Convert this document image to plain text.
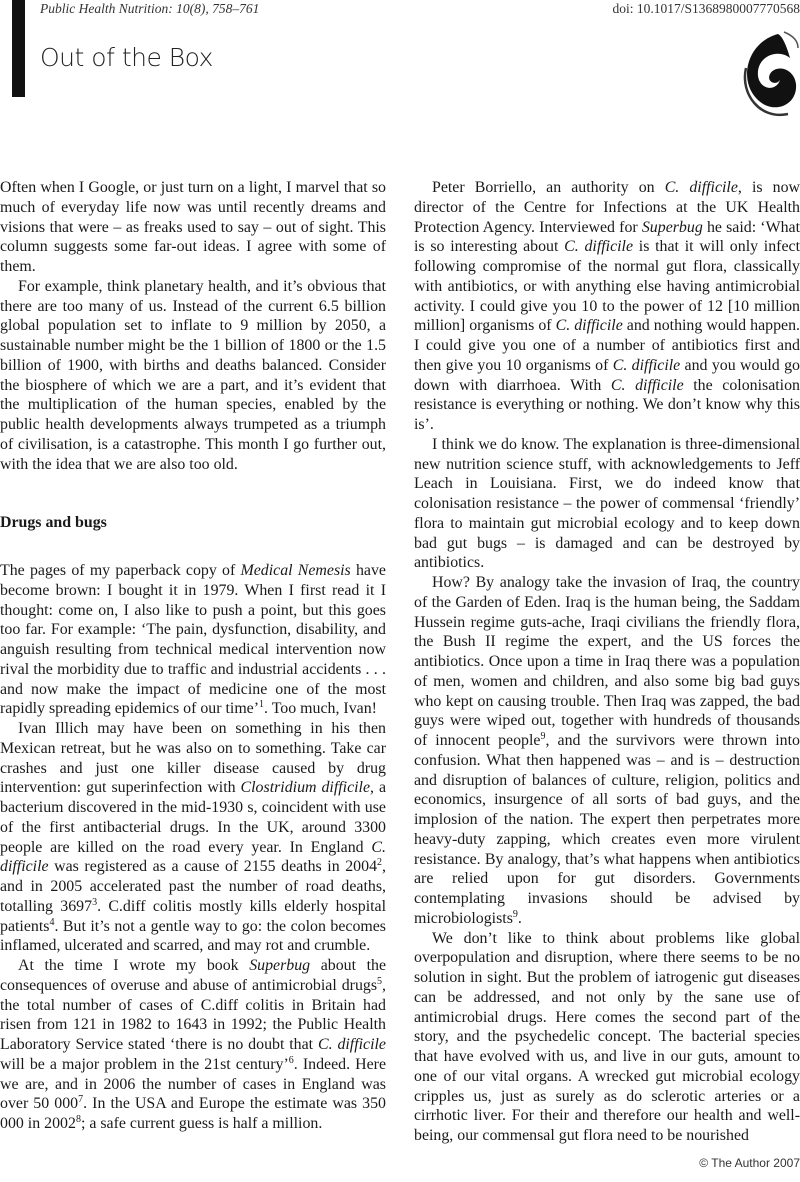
Public Health Nutrition: 10(8), 758–761	doi: 10.1017/S1368980007770568
Out of the Box

Often when I Google, or just turn on a light, I marvel that so much of everyday life now was until recently dreams and visions that were – as freaks used to say – out of sight. This column suggests some far-out ideas. I agree with some of them.

For example, think planetary health, and it’s obvious that there are too many of us. Instead of the current 6.5 billion global population set to inflate to 9 million by 2050, a sustainable number might be the 1 billion of 1800 or the 1.5 billion of 1900, with births and deaths balanced. Consider the biosphere of which we are a part, and it’s evident that the multiplication of the human species, enabled by the public health developments always trumpeted as a triumph of civilisation, is a catastrophe. This month I go further out, with the idea that we are also too old.

Drugs and bugs

The pages of my paperback copy of Medical Nemesis have become brown: I bought it in 1979. When I first read it I thought: come on, I also like to push a point, but this goes too far. For example: ‘The pain, dysfunction, disability, and anguish resulting from technical medical intervention now rival the morbidity due to traffic and industrial accidents . . . and now make the impact of medicine one of the most rapidly spreading epidemics of our time’$^1$. Too much, Ivan!

Ivan Illich may have been on something in his then Mexican retreat, but he was also on to something. Take car crashes and just one killer disease caused by drug intervention: gut superinfection with Clostridium difficile, a bacterium discovered in the mid-1930 s, coincident with use of the first antibacterial drugs. In the UK, around 3300 people are killed on the road every year. In England C. difficile was registered as a cause of 2155 deaths in 2004$^2$, and in 2005 accelerated past the number of road deaths, totalling 3697$^3$. C.diff colitis mostly kills elderly hospital patients$^4$. But it’s not a gentle way to go: the colon becomes inflamed, ulcerated and scarred, and may rot and crumble.

At the time I wrote my book Superbug about the consequences of overuse and abuse of antimicrobial drugs$^5$, the total number of cases of C.diff colitis in Britain had risen from 121 in 1982 to 1643 in 1992; the Public Health Laboratory Service stated ‘there is no doubt that C. difficile will be a major problem in the 21st century’$^6$. Indeed. Here we are, and in 2006 the number of cases in England was over 50 $000^7$. In the USA and Europe the estimate was 350 000 in 2002$^8$; a safe current guess is half a million.

Peter Borriello, an authority on C. difficile, is now director of the Centre for Infections at the UK Health Protection Agency. Interviewed for Superbug he said: ‘What is so interesting about C. difficile is that it will only infect following compromise of the normal gut flora, classically with antibiotics, or with anything else having antimicrobial activity. I could give you 10 to the power of 12 [10 million million] organisms of C. difficile and nothing would happen. I could give you one of a number of antibiotics first and then give you 10 organisms of C. difficile and you would go down with diarrhoea. With C. difficile the colonisation resistance is everything or nothing. We don’t know why this is’.

I think we do know. The explanation is three-dimensional new nutrition science stuff, with acknowledgements to Jeff Leach in Louisiana. First, we do indeed know that colonisation resistance – the power of commensal ‘friendly’ flora to maintain gut microbial ecology and to keep down bad gut bugs – is damaged and can be destroyed by antibiotics.

How? By analogy take the invasion of Iraq, the country of the Garden of Eden. Iraq is the human being, the Saddam Hussein regime guts-ache, Iraqi civilians the friendly flora, the Bush II regime the expert, and the US forces the antibiotics. Once upon a time in Iraq there was a population of men, women and children, and also some big bad guys who kept on causing trouble. Then Iraq was zapped, the bad guys were wiped out, together with hundreds of thousands of innocent people$^9$, and the survivors were thrown into confusion. What then happened was – and is – destruction and disruption of balances of culture, religion, politics and economics, insurgence of all sorts of bad guys, and the implosion of the nation. The expert then perpetrates more heavy-duty zapping, which creates even more virulent resistance. By analogy, that’s what happens when antibiotics are relied upon for gut disorders. Governments contemplating invasions should be advised by microbiologists$^9$.

We don’t like to think about problems like global overpopulation and disruption, where there seems to be no solution in sight. But the problem of iatrogenic gut diseases can be addressed, and not only by the sane use of antimicrobial drugs. Here comes the second part of the story, and the psychedelic concept. The bacterial species that have evolved with us, and live in our guts, amount to one of our vital organs. A wrecked gut microbial ecology cripples us, just as surely as do sclerotic arteries or a cirrhotic liver. For their and therefore our health and well-being, our commensal gut flora need to be nourished

© The Author 2007
